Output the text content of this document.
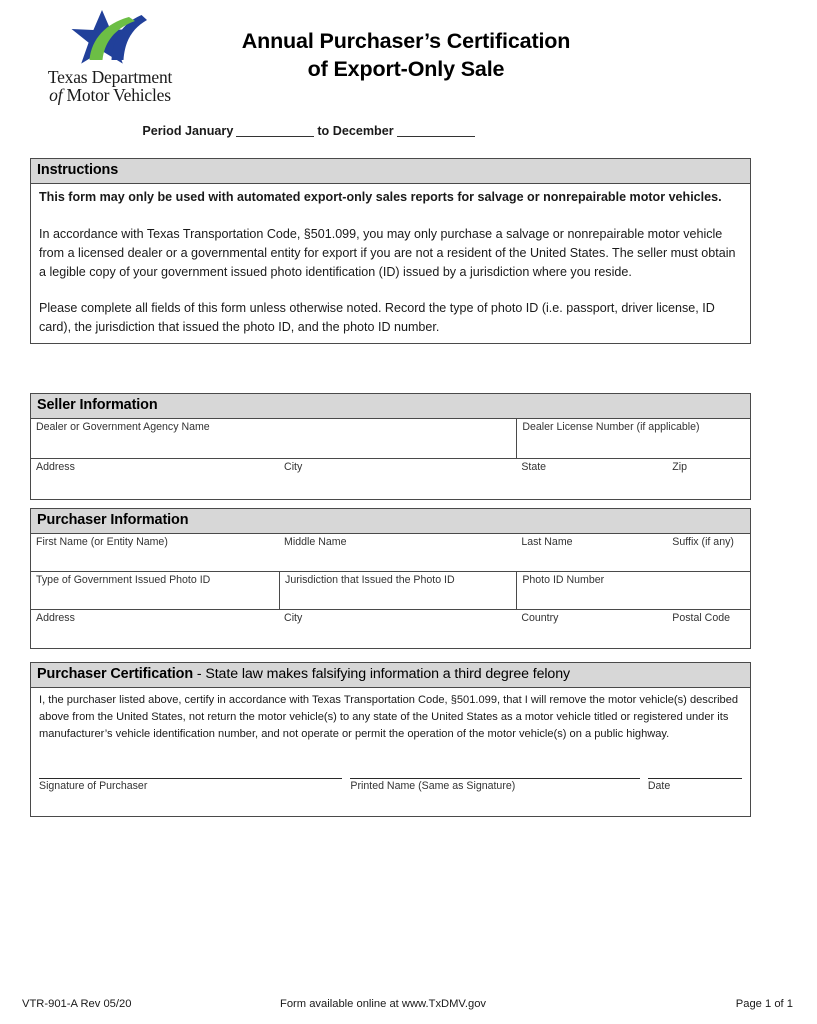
Texas Department
of Motor Vehicles
Annual Purchaser’s Certification
of Export-Only Sale
Period January	to December
Instructions

This form may only be used with automated export-only sales reports for salvage or nonrepairable motor vehicles.

In accordance with Texas Transportation Code, §501.099, you may only purchase a salvage or nonrepairable motor vehicle from a licensed dealer or a governmental entity for export if you are not a resident of the United States. The seller must obtain a legible copy of your government issued photo identification (ID) issued by a jurisdiction where you reside.

Please complete all fields of this form unless otherwise noted. Record the type of photo ID (i.e. passport, driver license, ID card), the jurisdiction that issued the photo ID, and the photo ID number.

Seller Information
Dealer or Government Agency Name	Dealer License Number (if applicable)
Address	City	State	Zip
Purchaser Information
First Name (or Entity Name)	Middle Name	Last Name	Suffix (if any)
Type of Government Issued Photo ID	Jurisdiction that Issued the Photo ID	Photo ID Number
Address	City	Country	Postal Code
Purchaser Certification - State law makes falsifying information a third degree felony

I, the purchaser listed above, certify in accordance with Texas Transportation Code, §501.099, that I will remove the motor vehicle(s) described above from the United States, not return the motor vehicle(s) to any state of the United States as a motor vehicle titled or registered under its manufacturer’s vehicle identification number, and not operate or permit the operation of the motor vehicle(s) on a public highway.

Signature of Purchaser	Printed Name (Same as Signature)	Date
VTR-901-A Rev 05/20	Form available online at www.TxDMV.gov	Page 1 of 1
